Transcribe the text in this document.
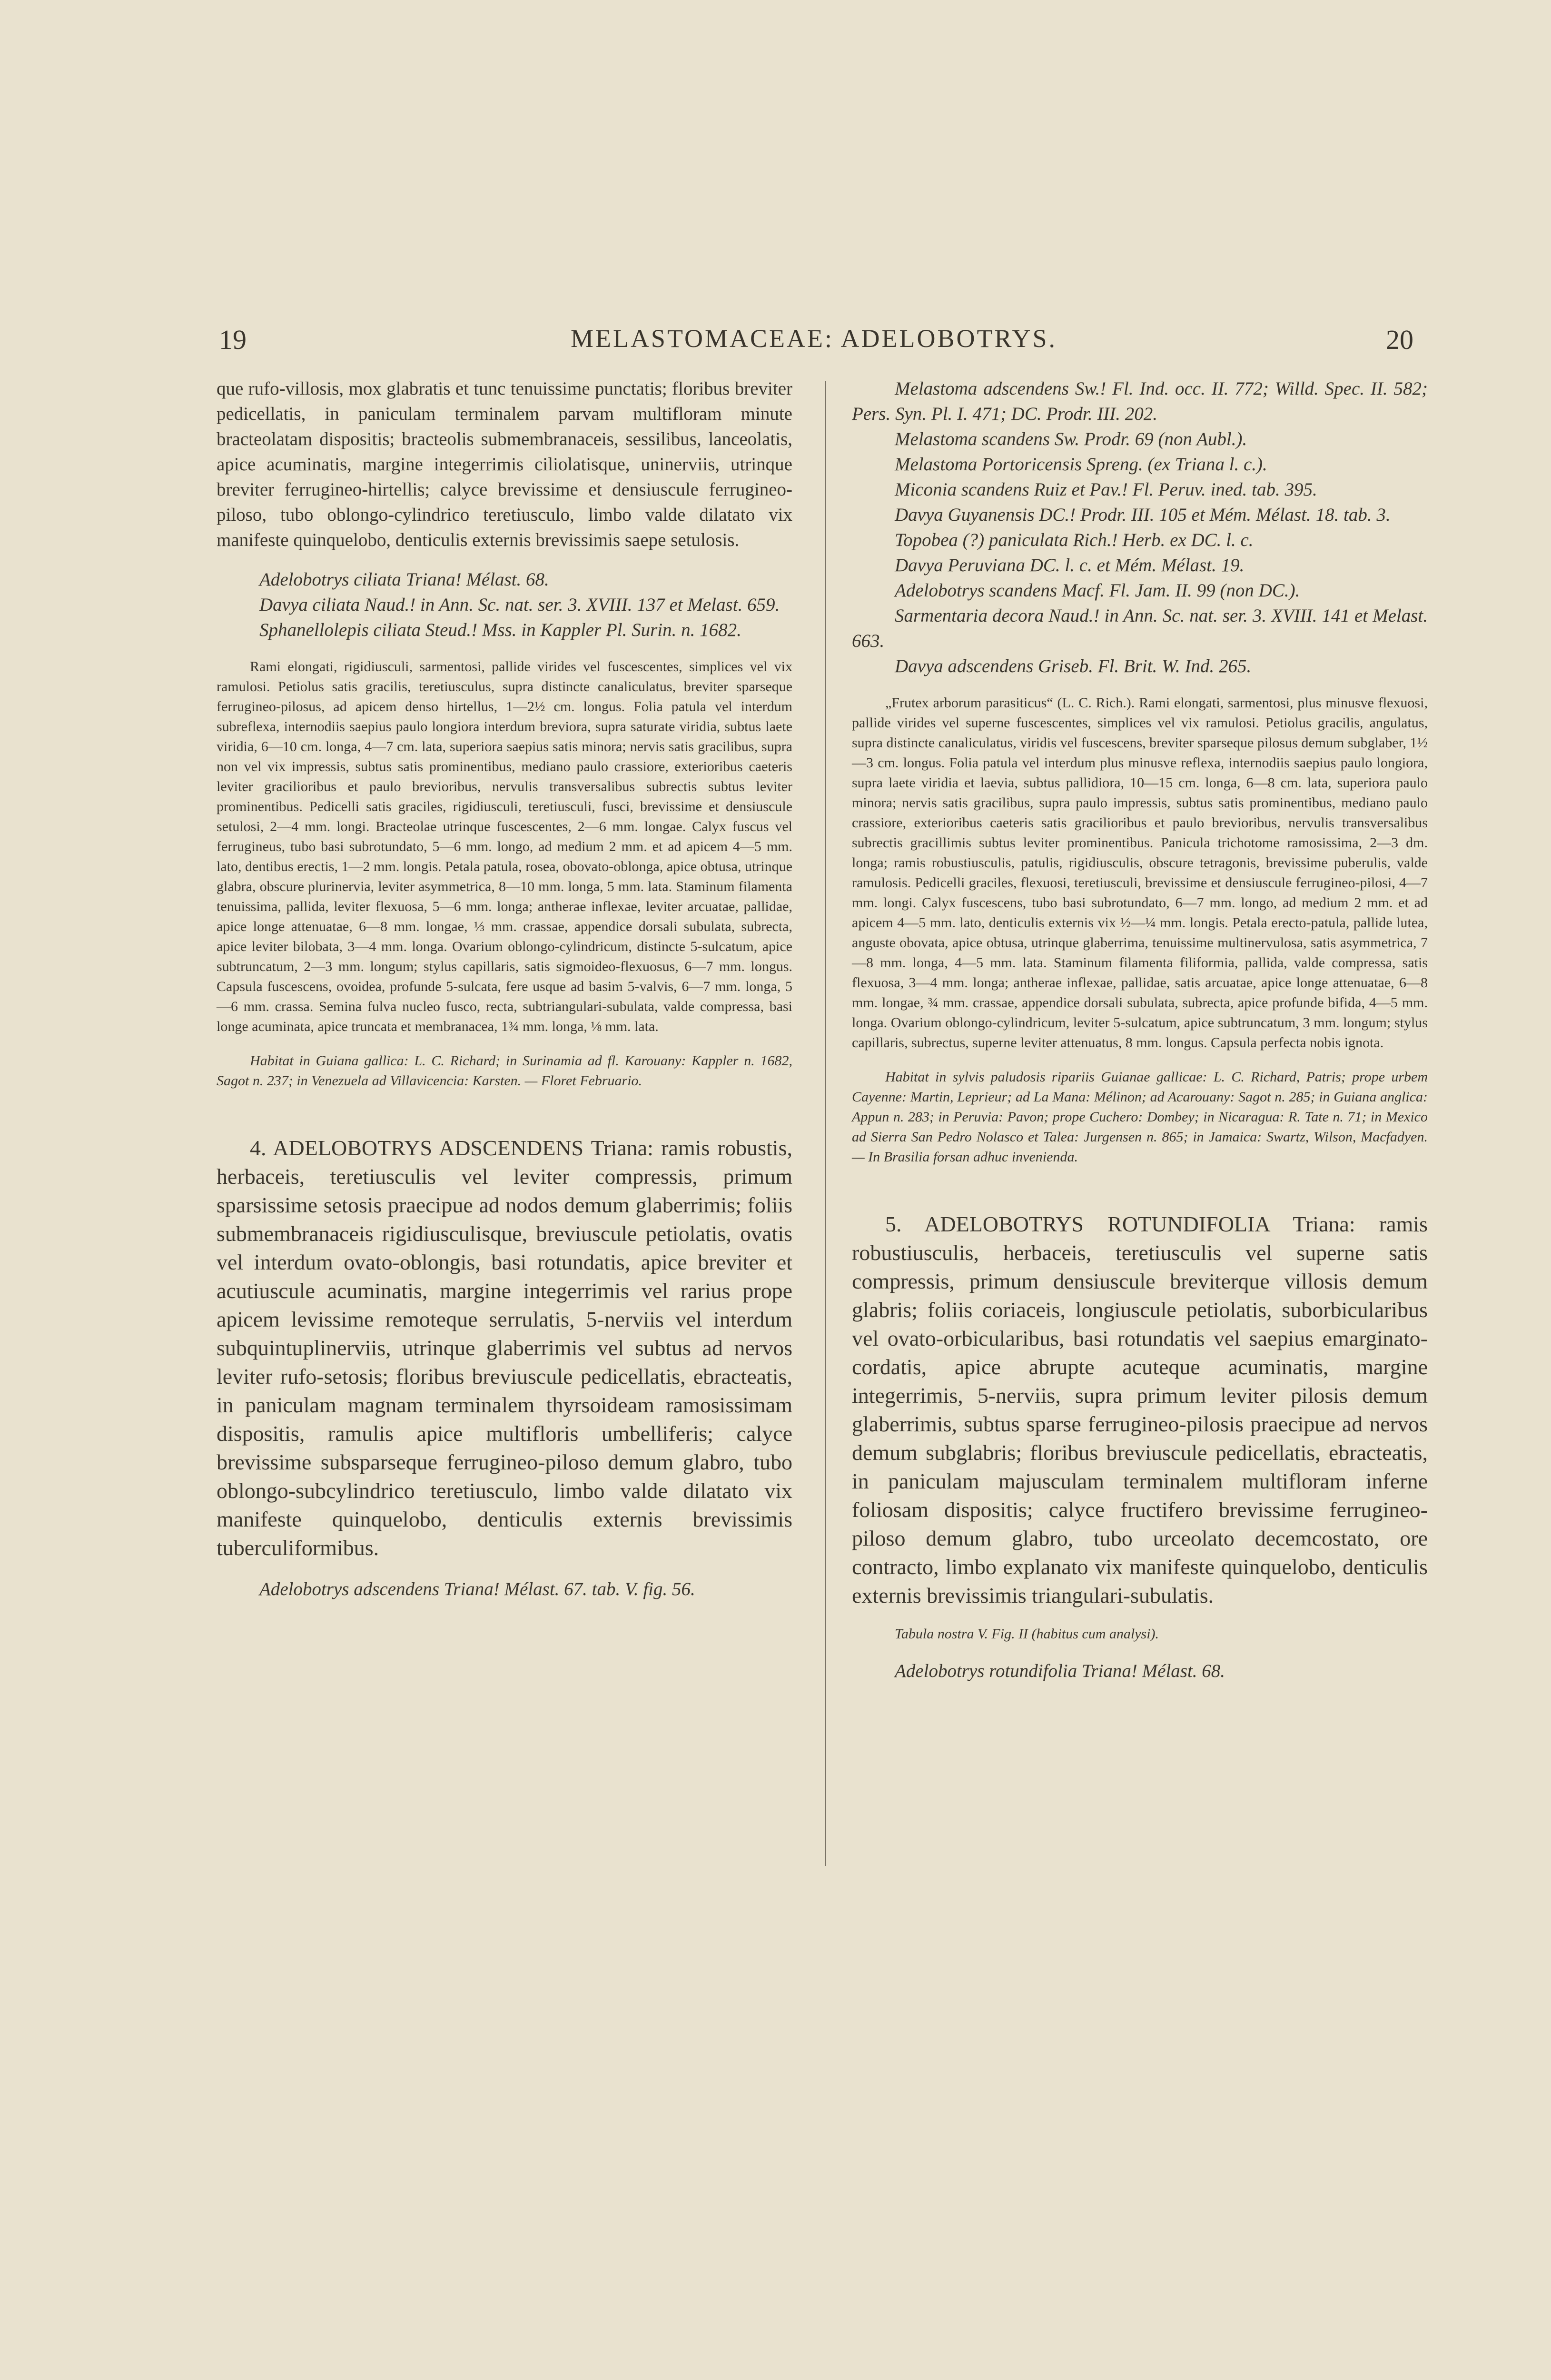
19	MELASTOMACEAE: ADELOBOTRYS.	20

que rufo-villosis, mox glabratis et tunc tenuissime punctatis; floribus breviter pedicellatis, in paniculam terminalem parvam multifloram minute bracteolatam dispositis; bracteolis submembranaceis, sessilibus, lanceolatis, apice acuminatis, margine integerrimis ciliolatisque, uninerviis, utrinque breviter ferrugineo-hirtellis; calyce brevissime et densiuscule ferrugineo-piloso, tubo oblongo-cylindrico teretiusculo, limbo valde dilatato vix manifeste quinquelobo, denticulis externis brevissimis saepe setulosis.

Adelobotrys ciliata Triana! Mélast. 68.

Davya ciliata Naud.! in Ann. Sc. nat. ser. 3. XVIII. 137 et Melast. 659.

Sphanellolepis ciliata Steud.! Mss. in Kappler Pl. Surin. n. 1682.

Rami elongati, rigidiusculi, sarmentosi, pallide virides vel fuscescentes, simplices vel vix ramulosi. Petiolus satis gracilis, teretiusculus, supra distincte canaliculatus, breviter sparseque ferrugineo-pilosus, ad apicem denso hirtellus, 1—2½ cm. longus. Folia patula vel interdum subreflexa, internodiis saepius paulo longiora interdum breviora, supra saturate viridia, subtus laete viridia, 6—10 cm. longa, 4—7 cm. lata, superiora saepius satis minora; nervis satis gracilibus, supra non vel vix impressis, subtus satis prominentibus, mediano paulo crassiore, exterioribus caeteris leviter gracilioribus et paulo brevioribus, nervulis transversalibus subrectis subtus leviter prominentibus. Pedicelli satis graciles, rigidiusculi, teretiusculi, fusci, brevissime et densiuscule setulosi, 2—4 mm. longi. Bracteolae utrinque fuscescentes, 2—6 mm. longae. Calyx fuscus vel ferrugineus, tubo basi subrotundato, 5—6 mm. longo, ad medium 2 mm. et ad apicem 4—5 mm. lato, dentibus erectis, 1—2 mm. longis. Petala patula, rosea, obovato-oblonga, apice obtusa, utrinque glabra, obscure plurinervia, leviter asymmetrica, 8—10 mm. longa, 5 mm. lata. Staminum filamenta tenuissima, pallida, leviter flexuosa, 5—6 mm. longa; antherae inflexae, leviter arcuatae, pallidae, apice longe attenuatae, 6—8 mm. longae, ⅓ mm. crassae, appendice dorsali subulata, subrecta, apice leviter bilobata, 3—4 mm. longa. Ovarium oblongo-cylindricum, distincte 5-sulcatum, apice subtruncatum, 2—3 mm. longum; stylus capillaris, satis sigmoideo-flexuosus, 6—7 mm. longus. Capsula fuscescens, ovoidea, profunde 5-sulcata, fere usque ad basim 5-valvis, 6—7 mm. longa, 5—6 mm. crassa. Semina fulva nucleo fusco, recta, subtriangulari-subulata, valde compressa, basi longe acuminata, apice truncata et membranacea, 1¾ mm. longa, ⅛ mm. lata.

Habitat in Guiana gallica: L. C. Richard; in Surinamia ad fl. Karouany: Kappler n. 1682, Sagot n. 237; in Venezuela ad Villavicencia: Karsten. — Floret Februario.

4. ADELOBOTRYS ADSCENDENS Triana: ramis robustis, herbaceis, teretiusculis vel leviter compressis, primum sparsissime setosis praecipue ad nodos demum glaberrimis; foliis submembranaceis rigidiusculisque, breviuscule petiolatis, ovatis vel interdum ovato-oblongis, basi rotundatis, apice breviter et acutiuscule acuminatis, margine integerrimis vel rarius prope apicem levissime remoteque serrulatis, 5-nerviis vel interdum subquintuplinerviis, utrinque glaberrimis vel subtus ad nervos leviter rufo-setosis; floribus breviuscule pedicellatis, ebracteatis, in paniculam magnam terminalem thyrsoideam ramosissimam dispositis, ramulis apice multifloris umbelliferis; calyce brevissime subsparseque ferrugineo-piloso demum glabro, tubo oblongo-subcylindrico teretiusculo, limbo valde dilatato vix manifeste quinquelobo, denticulis externis brevissimis tuberculiformibus.

Adelobotrys adscendens Triana! Mélast. 67. tab. V. fig. 56.

Melastoma adscendens Sw.! Fl. Ind. occ. II. 772; Willd. Spec. II. 582; Pers. Syn. Pl. I. 471; DC. Prodr. III. 202.

Melastoma scandens Sw. Prodr. 69 (non Aubl.).

Melastoma Portoricensis Spreng. (ex Triana l. c.).

Miconia scandens Ruiz et Pav.! Fl. Peruv. ined. tab. 395.

Davya Guyanensis DC.! Prodr. III. 105 et Mém. Mélast. 18. tab. 3.

Topobea (?) paniculata Rich.! Herb. ex DC. l. c.

Davya Peruviana DC. l. c. et Mém. Mélast. 19.

Adelobotrys scandens Macf. Fl. Jam. II. 99 (non DC.).

Sarmentaria decora Naud.! in Ann. Sc. nat. ser. 3. XVIII. 141 et Melast. 663.

Davya adscendens Griseb. Fl. Brit. W. Ind. 265.

„Frutex arborum parasiticus“ (L. C. Rich.). Rami elongati, sarmentosi, plus minusve flexuosi, pallide virides vel superne fuscescentes, simplices vel vix ramulosi. Petiolus gracilis, angulatus, supra distincte canaliculatus, viridis vel fuscescens, breviter sparseque pilosus demum subglaber, 1½—3 cm. longus. Folia patula vel interdum plus minusve reflexa, internodiis saepius paulo longiora, supra laete viridia et laevia, subtus pallidiora, 10—15 cm. longa, 6—8 cm. lata, superiora paulo minora; nervis satis gracilibus, supra paulo impressis, subtus satis prominentibus, mediano paulo crassiore, exterioribus caeteris satis gracilioribus et paulo brevioribus, nervulis transversalibus subrectis gracillimis subtus leviter prominentibus. Panicula trichotome ramosissima, 2—3 dm. longa; ramis robustiusculis, patulis, rigidiusculis, obscure tetragonis, brevissime puberulis, valde ramulosis. Pedicelli graciles, flexuosi, teretiusculi, brevissime et densiuscule ferrugineo-pilosi, 4—7 mm. longi. Calyx fuscescens, tubo basi subrotundato, 6—7 mm. longo, ad medium 2 mm. et ad apicem 4—5 mm. lato, denticulis externis vix ½—¼ mm. longis. Petala erecto-patula, pallide lutea, anguste obovata, apice obtusa, utrinque glaberrima, tenuissime multinervulosa, satis asymmetrica, 7—8 mm. longa, 4—5 mm. lata. Staminum filamenta filiformia, pallida, valde compressa, satis flexuosa, 3—4 mm. longa; antherae inflexae, pallidae, satis arcuatae, apice longe attenuatae, 6—8 mm. longae, ¾ mm. crassae, appendice dorsali subulata, subrecta, apice profunde bifida, 4—5 mm. longa. Ovarium oblongo-cylindricum, leviter 5-sulcatum, apice subtruncatum, 3 mm. longum; stylus capillaris, subrectus, superne leviter attenuatus, 8 mm. longus. Capsula perfecta nobis ignota.

Habitat in sylvis paludosis ripariis Guianae gallicae: L. C. Richard, Patris; prope urbem Cayenne: Martin, Leprieur; ad La Mana: Mélinon; ad Acarouany: Sagot n. 285; in Guiana anglica: Appun n. 283; in Peruvia: Pavon; prope Cuchero: Dombey; in Nicaragua: R. Tate n. 71; in Mexico ad Sierra San Pedro Nolasco et Talea: Jurgensen n. 865; in Jamaica: Swartz, Wilson, Macfadyen. — In Brasilia forsan adhuc invenienda.

5. ADELOBOTRYS ROTUNDIFOLIA Triana: ramis robustiusculis, herbaceis, teretiusculis vel superne satis compressis, primum densiuscule breviterque villosis demum glabris; foliis coriaceis, longiuscule petiolatis, suborbicularibus vel ovato-orbicularibus, basi rotundatis vel saepius emarginato-cordatis, apice abrupte acuteque acuminatis, margine integerrimis, 5-nerviis, supra primum leviter pilosis demum glaberrimis, subtus sparse ferrugineo-pilosis praecipue ad nervos demum subglabris; floribus breviuscule pedicellatis, ebracteatis, in paniculam majusculam terminalem multifloram inferne foliosam dispositis; calyce fructifero brevissime ferrugineo-piloso demum glabro, tubo urceolato decemcostato, ore contracto, limbo explanato vix manifeste quinquelobo, denticulis externis brevissimis triangulari-subulatis.

Tabula nostra V. Fig. II (habitus cum analysi).

Adelobotrys rotundifolia Triana! Mélast. 68.
